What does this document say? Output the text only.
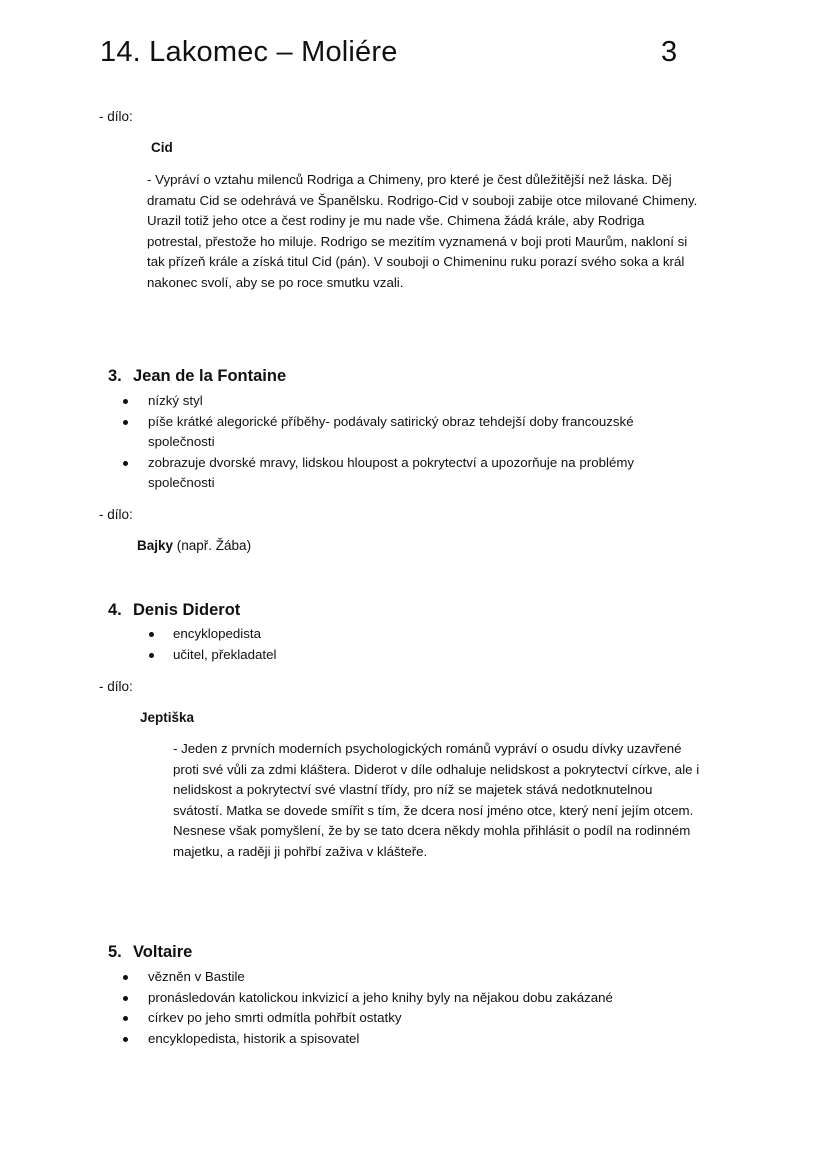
14. Lakomec – Moliére	3
- dílo:
Cid
- Vypráví o vztahu milenců Rodriga a Chimeny, pro které je čest důležitější než láska. Děj
dramatu Cid se odehrává ve Španělsku. Rodrigo-Cid v souboji zabije otce milované Chimeny.
Urazil totiž jeho otce a čest rodiny je mu nade vše. Chimena žádá krále, aby Rodriga
potrestal, přestože ho miluje. Rodrigo se mezitím vyznamená v boji proti Maurům, nakloní si
tak přízeň krále a získá titul Cid (pán). V souboji o Chimeninu ruku porazí svého soka a král
nakonec svolí, aby se po roce smutku vzali.
3. Jean de la Fontaine
nízký styl
píše krátké alegorické příběhy- podávaly satirický obraz tehdejší doby francouzské
společnosti
zobrazuje dvorské mravy, lidskou hloupost a pokrytectví a upozorňuje na problémy
společnosti
- dílo:
Bajky (např. Žába)
4. Denis Diderot
encyklopedista
učitel, překladatel
- dílo:
Jeptiška
- Jeden z prvních moderních psychologických románů vypráví o osudu dívky uzavřené
proti své vůli za zdmi kláštera. Diderot v díle odhaluje nelidskost a pokrytectví církve, ale i
nelidskost a pokrytectví své vlastní třídy, pro níž se majetek stává nedotknutelnou
svátostí. Matka se dovede smířit s tím, že dcera nosí jméno otce, který není jejím otcem.
Nesnese však pomyšlení, že by se tato dcera někdy mohla přihlásit o podíl na rodinném
majetku, a raději ji pohřbí zaživa v klášteře.
5. Voltaire
vězněn v Bastile
pronásledován katolickou inkvizicí a jeho knihy byly na nějakou dobu zakázané
církev po jeho smrti odmítla pohřbít ostatky
encyklopedista, historik a spisovatel
